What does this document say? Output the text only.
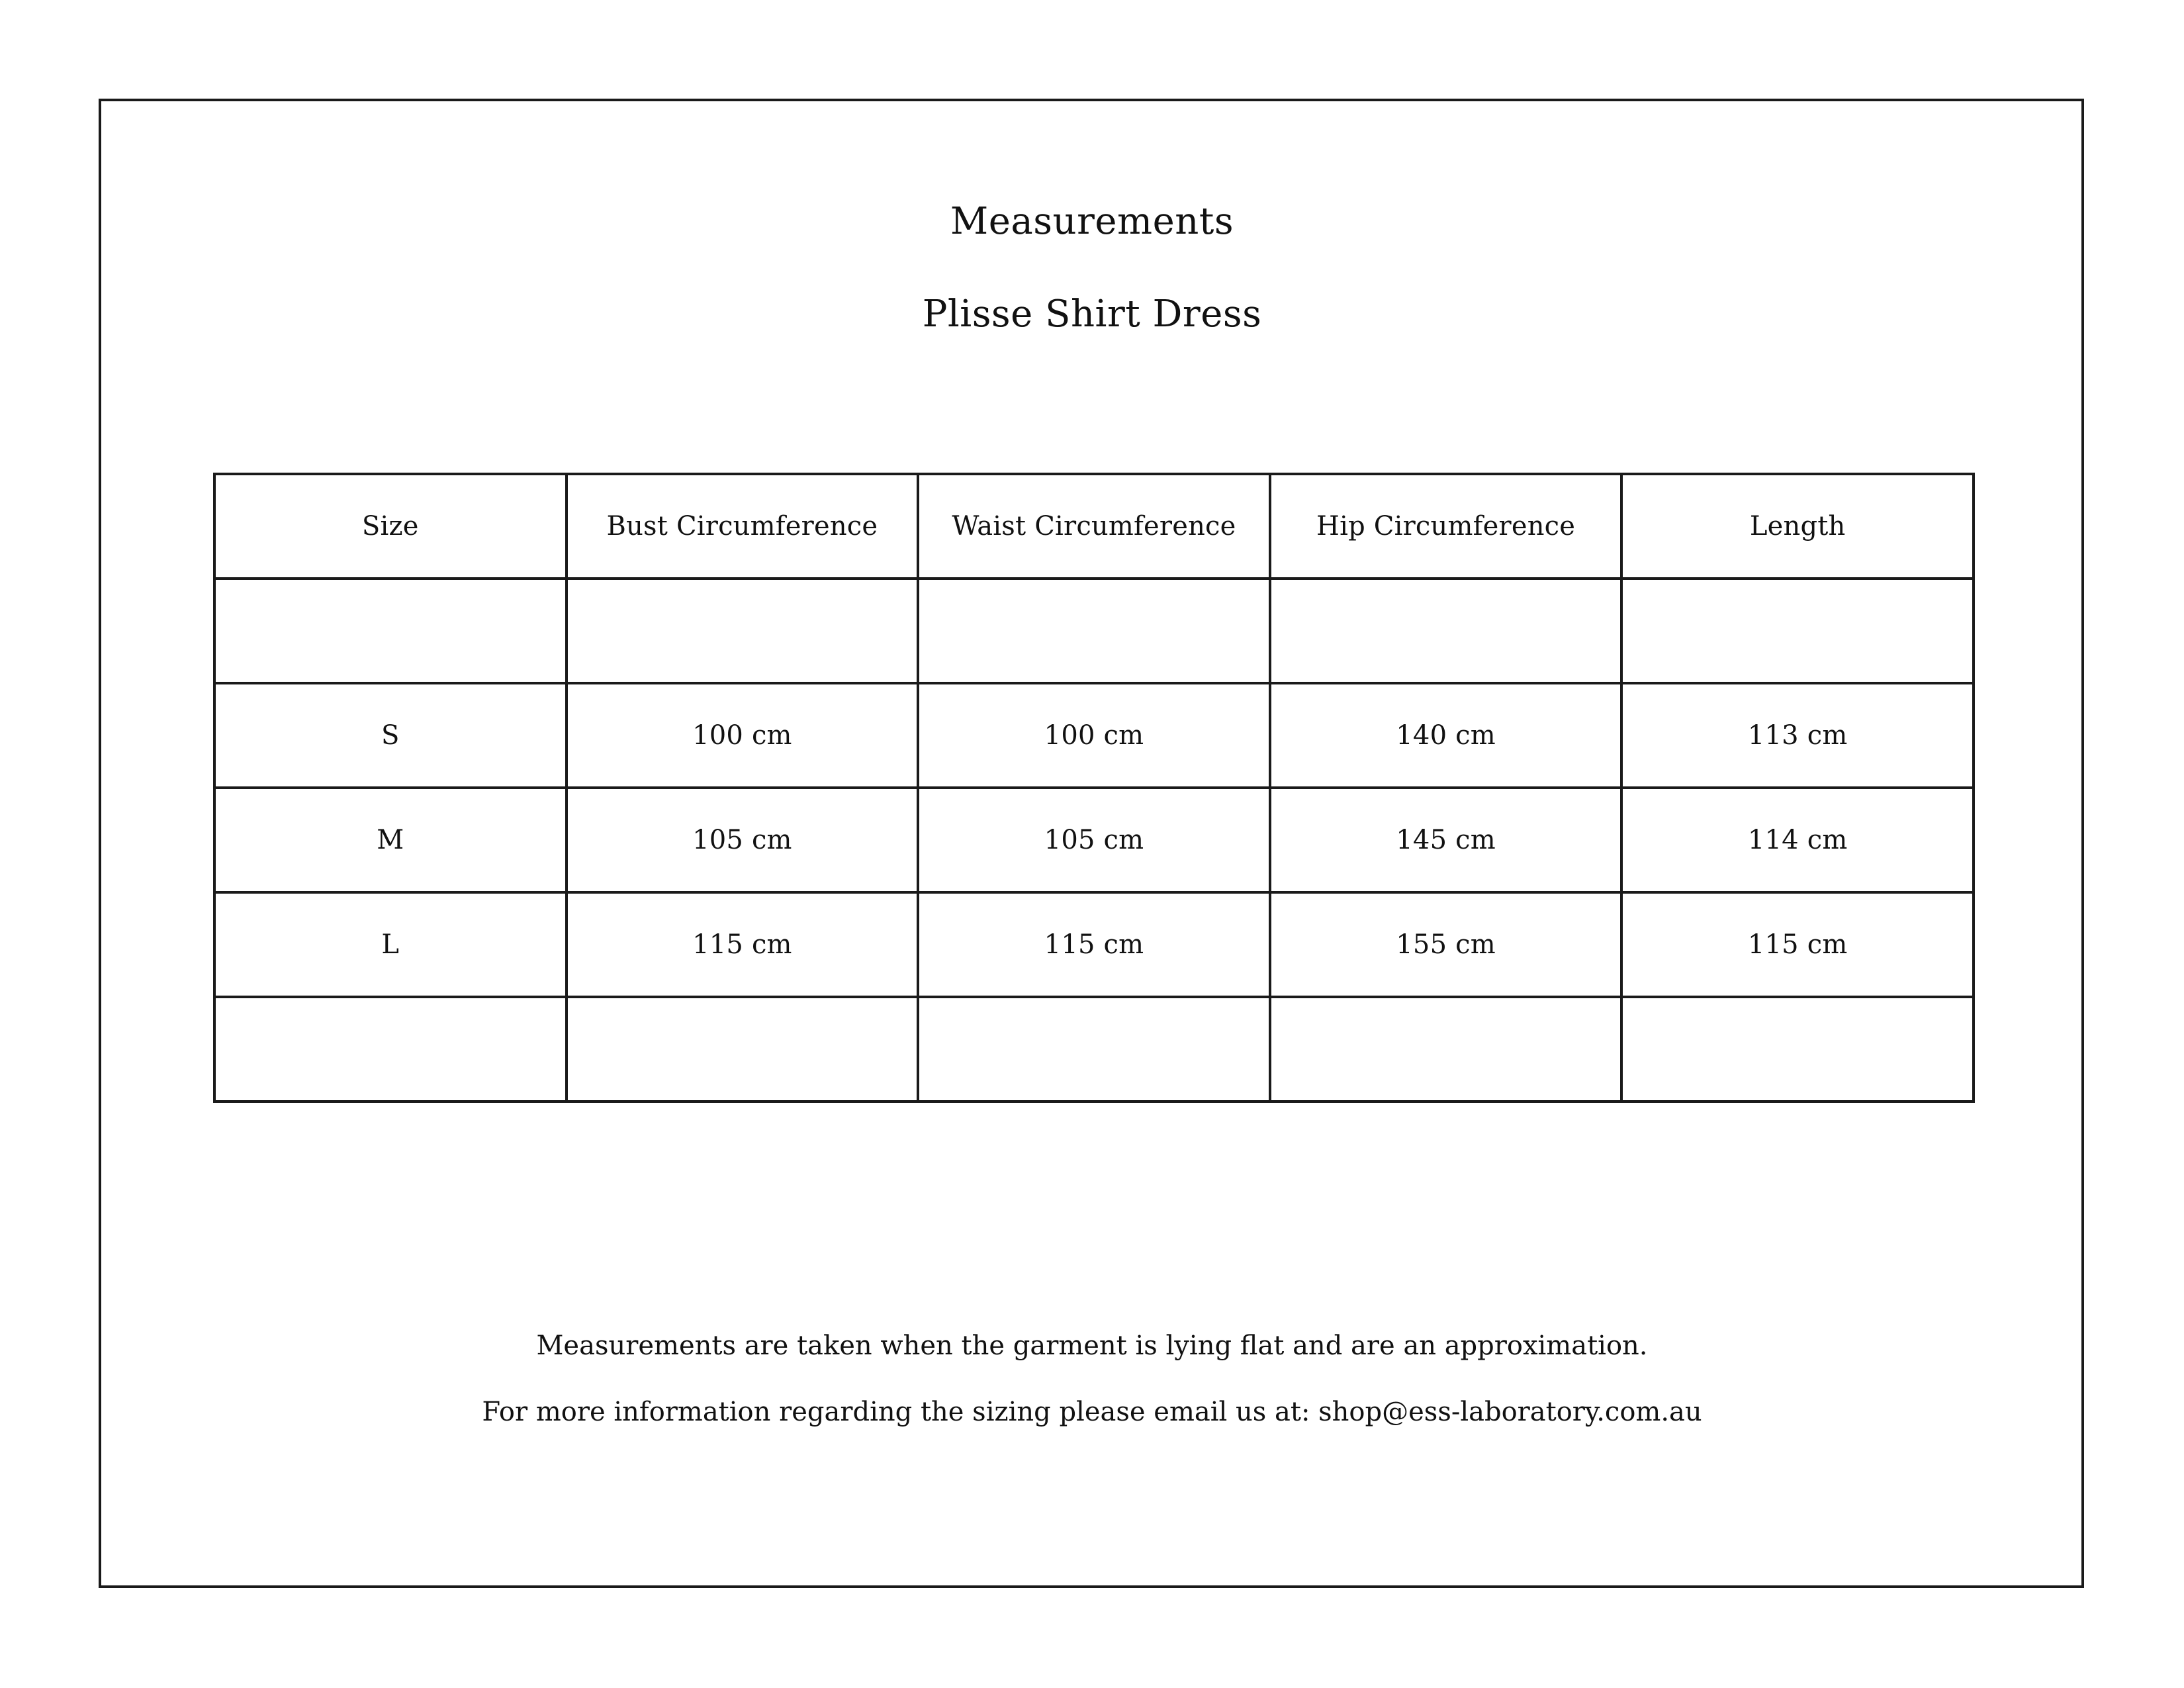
Measurements
Plisse Shirt Dress
Size	Bust Circumference	Waist Circumference	Hip Circumference	Length

S	100 cm	100 cm	140 cm	113 cm
M	105 cm	105 cm	145 cm	114 cm
L	115 cm	115 cm	155 cm	115 cm

Measurements are taken when the garment is lying flat and are an approximation.
For more information regarding the sizing please email us at: shop@ess-laboratory.com.au
